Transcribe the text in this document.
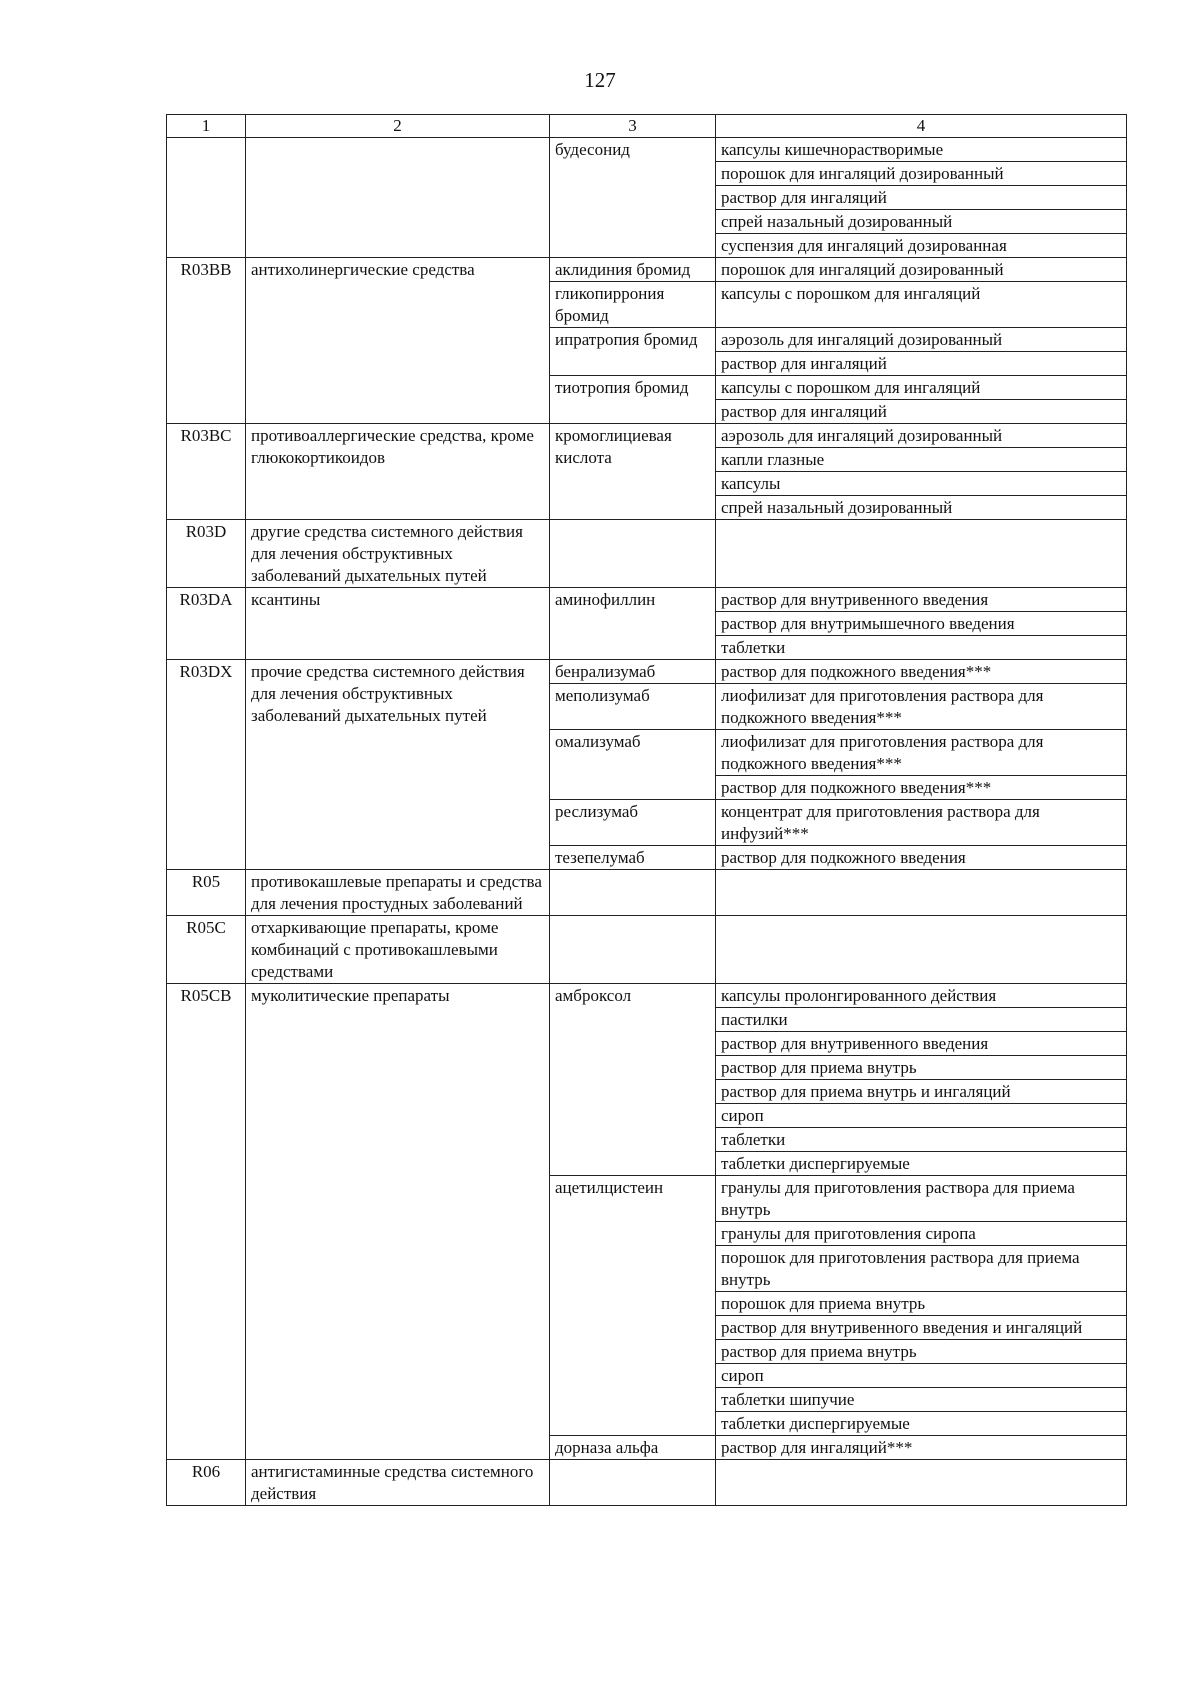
127
1	2	3	4
		будесонид	капсулы кишечнорастворимые
			порошок для ингаляций дозированный
			раствор для ингаляций
			спрей назальный дозированный
			суспензия для ингаляций дозированная
R03BB	антихолинергические средства	аклидиния бромид	порошок для ингаляций дозированный
		гликопиррония бромид	капсулы с порошком для ингаляций
		ипратропия бромид	аэрозоль для ингаляций дозированный
			раствор для ингаляций
		тиотропия бромид	капсулы с порошком для ингаляций
			раствор для ингаляций
R03BC	противоаллергические средства, кроме глюкокортикоидов	кромоглициевая кислота	аэрозоль для ингаляций дозированный
			капли глазные
			капсулы
			спрей назальный дозированный
R03D	другие средства системного действия для лечения обструктивных заболеваний дыхательных путей		
R03DA	ксантины	аминофиллин	раствор для внутривенного введения
			раствор для внутримышечного введения
			таблетки
R03DX	прочие средства системного действия для лечения обструктивных заболеваний дыхательных путей	бенрализумаб	раствор для подкожного введения***
		меполизумаб	лиофилизат для приготовления раствора для подкожного введения***
		омализумаб	лиофилизат для приготовления раствора для подкожного введения***
			раствор для подкожного введения***
		реслизумаб	концентрат для приготовления раствора для инфузий***
		тезепелумаб	раствор для подкожного введения
R05	противокашлевые препараты и средства для лечения простудных заболеваний		
R05C	отхаркивающие препараты, кроме комбинаций с противокашлевыми средствами		
R05CB	муколитические препараты	амброксол	капсулы пролонгированного действия
			пастилки
			раствор для внутривенного введения
			раствор для приема внутрь
			раствор для приема внутрь и ингаляций
			сироп
			таблетки
			таблетки диспергируемые
		ацетилцистеин	гранулы для приготовления раствора для приема внутрь
			гранулы для приготовления сиропа
			порошок для приготовления раствора для приема внутрь
			порошок для приема внутрь
			раствор для внутривенного введения и ингаляций
			раствор для приема внутрь
			сироп
			таблетки шипучие
			таблетки диспергируемые
		дорназа альфа	раствор для ингаляций***
R06	антигистаминные средства системного действия		
